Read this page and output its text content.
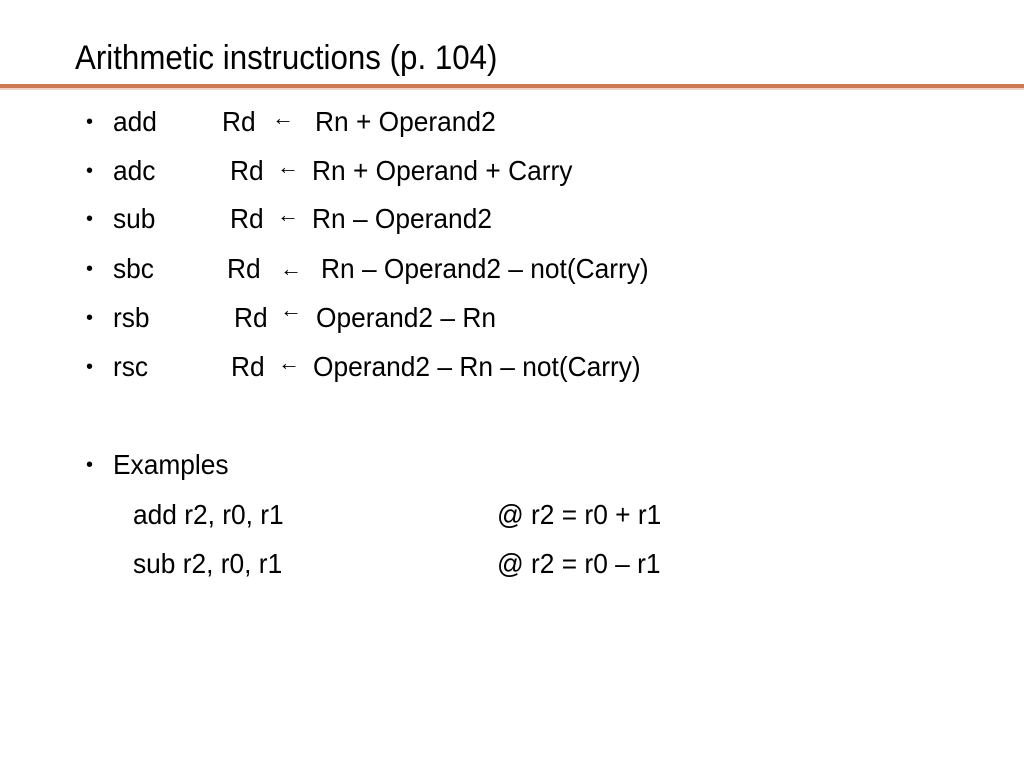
Arithmetic instructions (p. 104)
• add Rd ← Rn + Operand2
• adc	Rd ← Rn + Operand + Carry
• sub	Rd ← Rn – Operand2
• sbc	Rd ← Rn – Operand2 – not(Carry)
• rsb	Rd ← Operand2 – Rn
• rsc	Rd ← Operand2 – Rn – not(Carry)
• Examples
add r2, r0, r1	@ r2 = r0 + r1
sub r2, r0, r1	@ r2 = r0 – r1
